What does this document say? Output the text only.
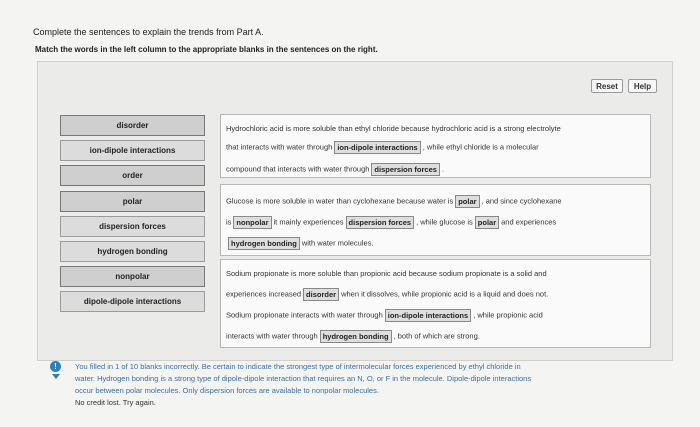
Complete the sentences to explain the trends from Part A.
Match the words in the left column to the appropriate blanks in the sentences on the right.
Reset	Help
disorder
ion-dipole interactions
order
polar
dispersion forces
hydrogen bonding
nonpolar
dipole-dipole interactions
Hydrochloric acid is more soluble than ethyl chloride because hydrochloric acid is a strong electrolyte
that interacts with water through ion-dipole interactions , while ethyl chloride is a molecular
compound that interacts with water through dispersion forces .
Glucose is more soluble in water than cyclohexane because water is polar , and since cyclohexane
is nonpolar it mainly experiences dispersion forces , while glucose is polar and experiences
hydrogen bonding with water molecules.
Sodium propionate is more soluble than propionic acid because sodium propionate is a solid and
experiences increased disorder when it dissolves, while propionic acid is a liquid and does not.
Sodium propionate interacts with water through ion-dipole interactions , while propionic acid
interacts with water through hydrogen bonding , both of which are strong.
!	You filled in 1 of 10 blanks incorrectly. Be certain to indicate the strongest type of intermolecular forces experienced by ethyl chloride in
water. Hydrogen bonding is a strong type of dipole-dipole interaction that requires an N, O, or F in the molecule. Dipole-dipole interactions
occur between polar molecules. Only dispersion forces are available to nonpolar molecules.
No credit lost. Try again.
